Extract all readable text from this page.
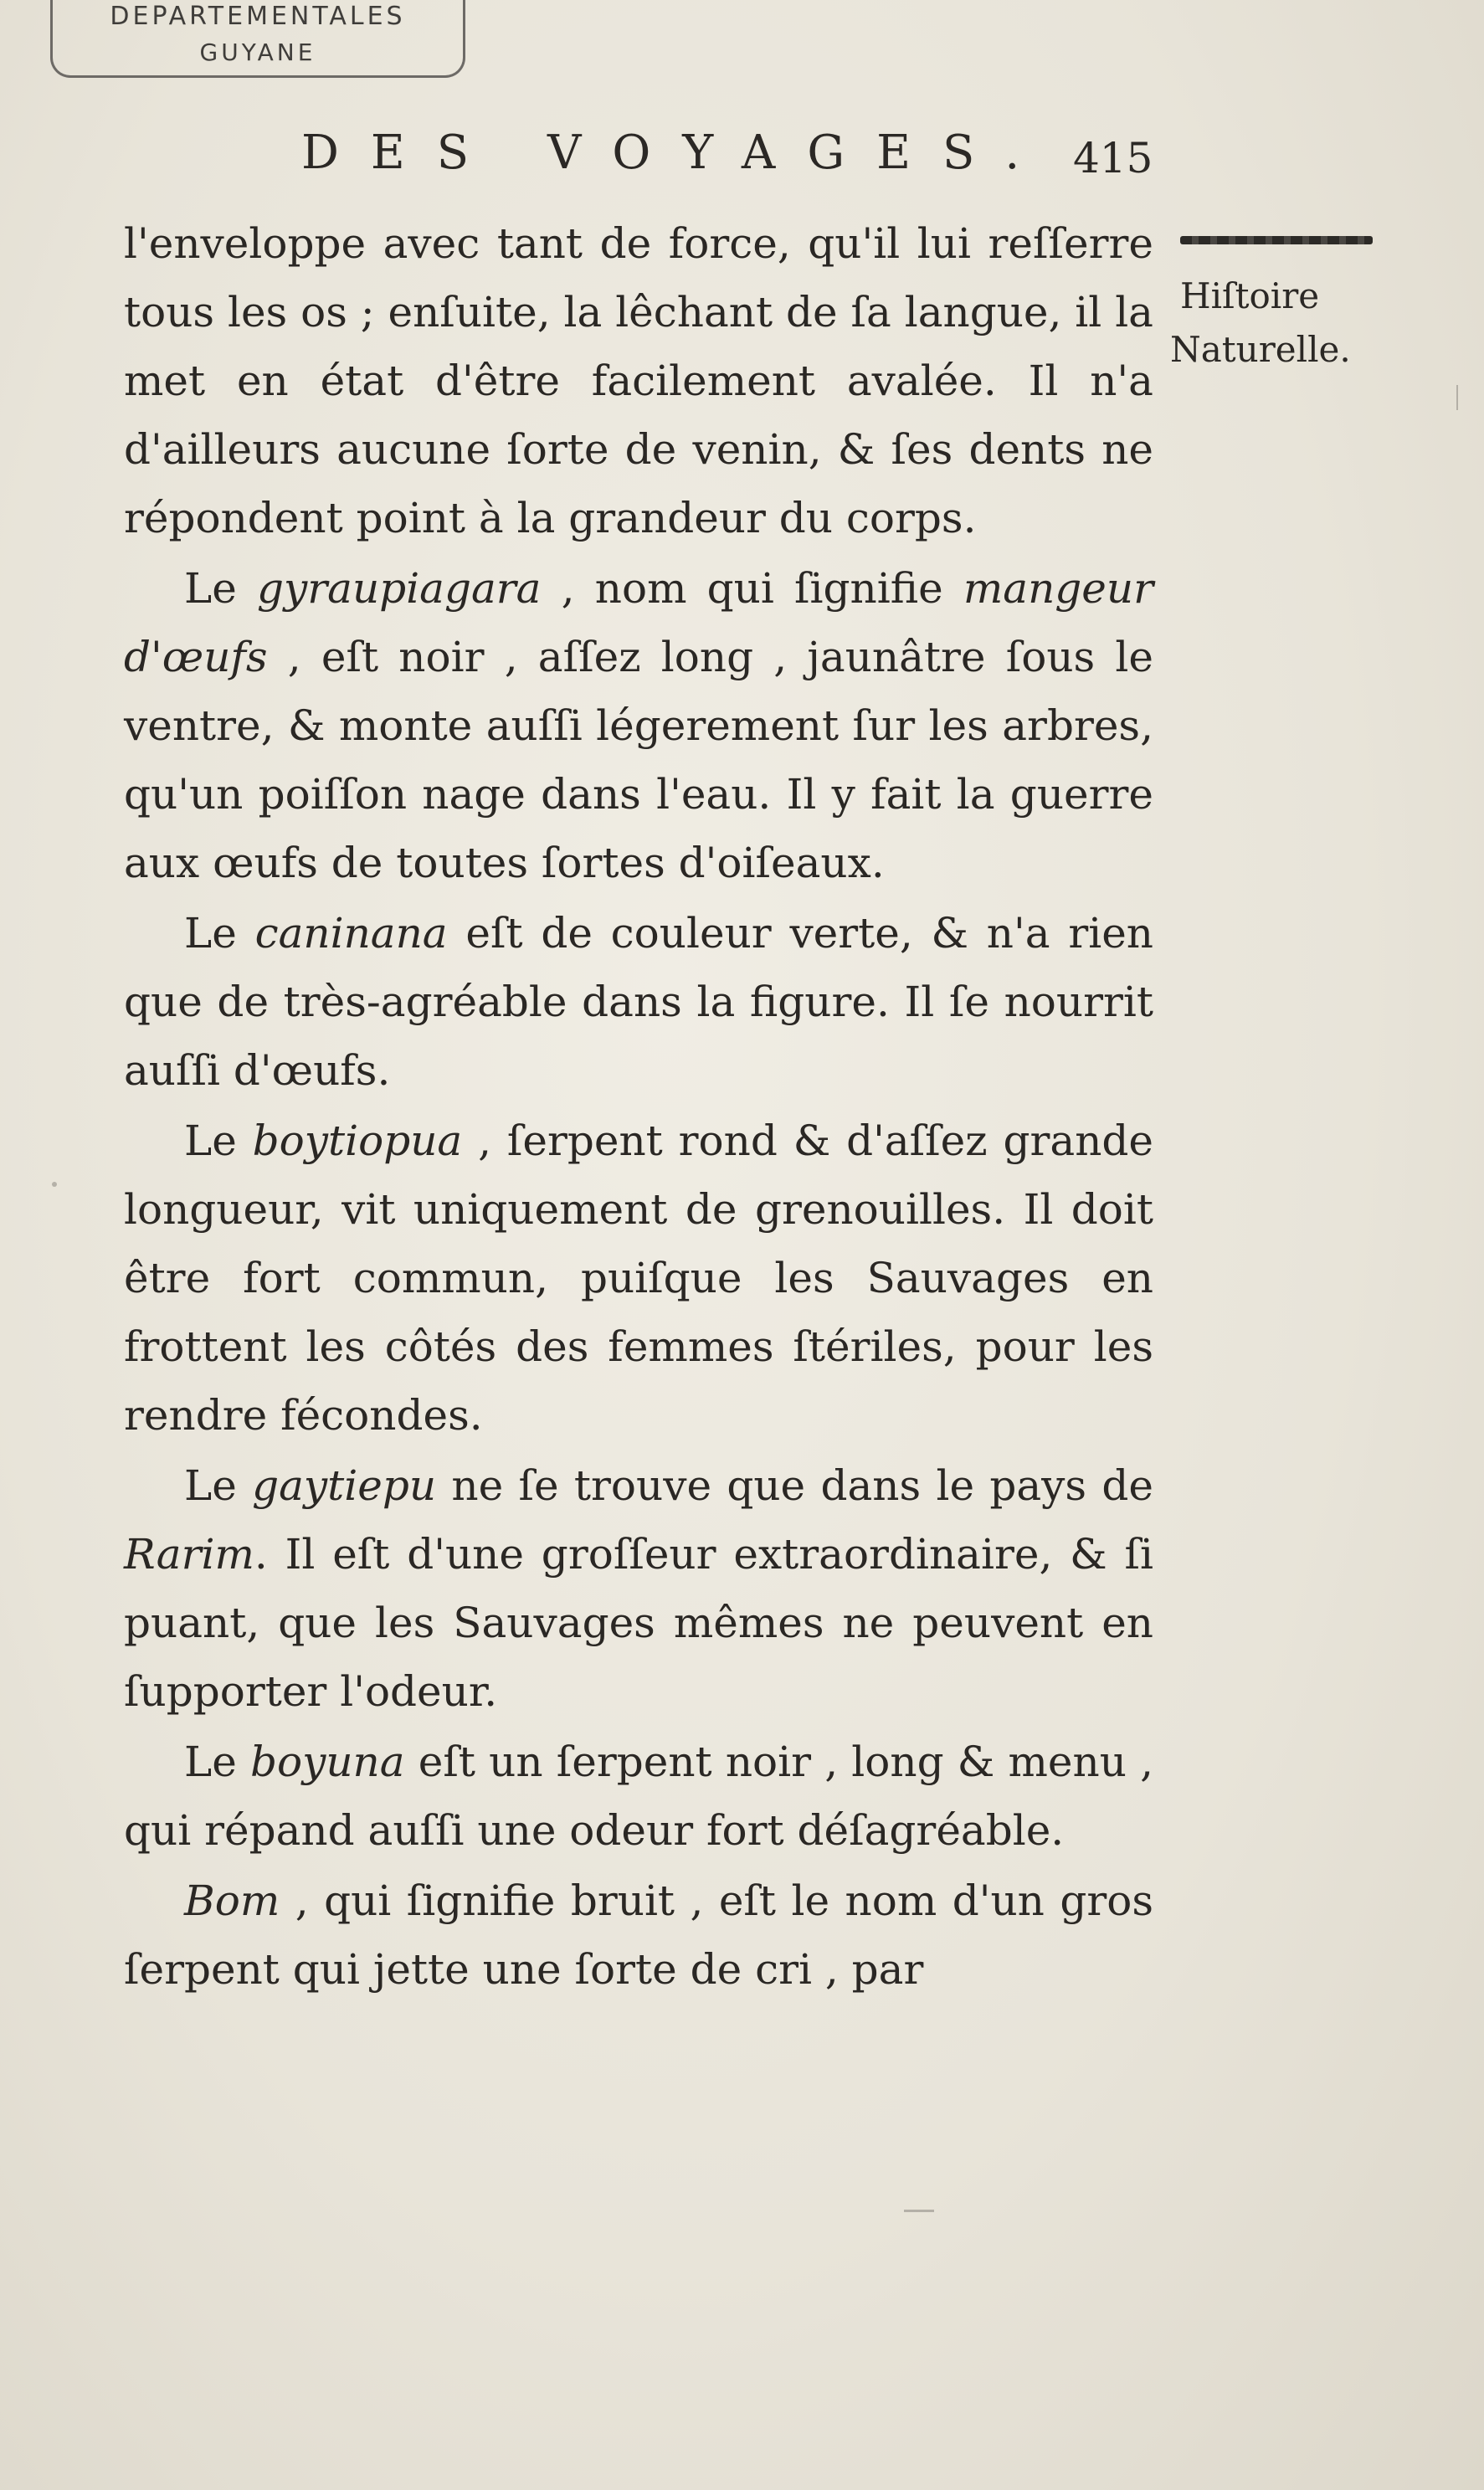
DEPARTEMENTALES
GUYANE
DES VOYAGES. 415
Hiſtoire

Naturelle.

l'enveloppe avec tant de force, qu'il lui reſſerre tous les os ; enſuite, la lêchant de ſa langue, il la met en état d'être facilement avalée. Il n'a d'ailleurs aucune ſorte de venin, & ſes dents ne répondent point à la grandeur du corps.

Le gyraupiagara , nom qui ſignifie mangeur d'œufs , eſt noir , aſſez long , jaunâtre ſous le ventre, & monte auſſi légerement ſur les arbres, qu'un poiſſon nage dans l'eau. Il y fait la guerre aux œufs de toutes ſortes d'oiſeaux.

Le caninana eſt de couleur verte, & n'a rien que de très-agréable dans la figure. Il ſe nourrit auſſi d'œufs.

Le boytiopua , ſerpent rond & d'aſſez grande longueur, vit uniquement de grenouilles. Il doit être fort commun, puiſque les Sauvages en frottent les côtés des femmes ſtériles, pour les rendre fécondes.

Le gaytiepu ne ſe trouve que dans le pays de Rarim. Il eſt d'une groſſeur extraordinaire, & ſi puant, que les Sauvages mêmes ne peuvent en ſupporter l'odeur.

Le boyuna eſt un ſerpent noir , long & menu , qui répand auſſi une odeur fort déſagréable.

Bom , qui ſignifie bruit , eſt le nom d'un gros ſerpent qui jette une ſorte de cri , par
